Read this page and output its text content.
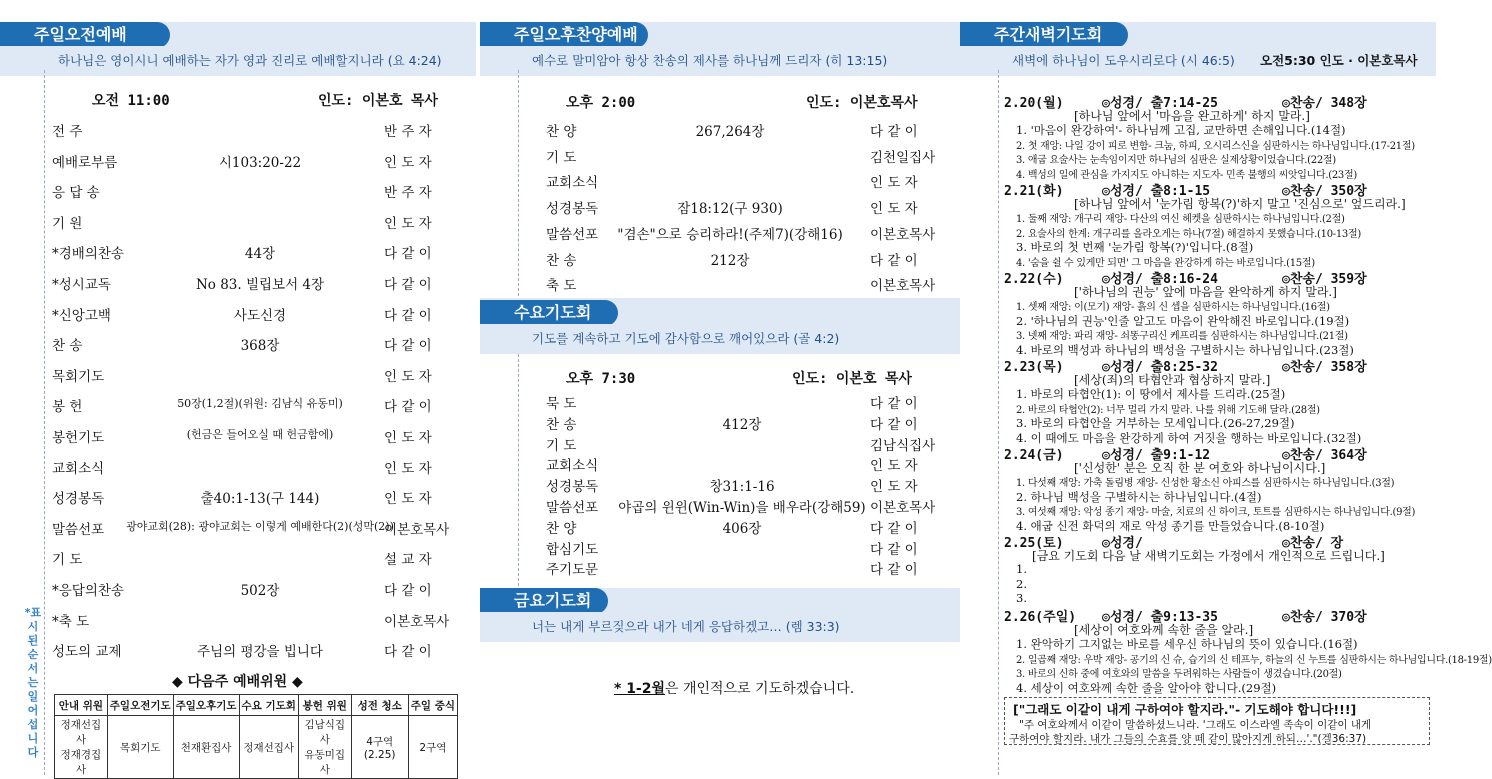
주일오전예배
하나님은 영이시니 예배하는 자가 영과 진리로 예배할지니라 (요 4:24)
오전 11:00	인도: 이본호 목사
전 주	반 주 자
예배로부름	시103:20-22	인 도 자
응 답 송	반 주 자
기 원	인 도 자
*경배의찬송	44장	다 같 이
*성시교독	No 83. 빌립보서 4장	다 같 이
*신앙고백	사도신경	다 같 이
찬 송	368장	다 같 이
목회기도	인 도 자
봉 헌	50장(1,2절)(위원: 김남식 유동미)	다 같 이
봉헌기도	(헌금은 들어오실 때 헌금함에)	인 도 자
교회소식	인 도 자
성경봉독	출40:1-13(구 144)	인 도 자
말씀선포 광야교회(28): 광야교회는 이렇게 예배한다(2)(성막(2))
이본호목사
기 도	설 교 자
*응답의찬송	502장	다 같 이
*축 도	이본호목사
성도의 교제	주님의 평강을 빕니다	다 같 이
*표시된 순서는 일어섭니다
◆ 다음주 예배위원 ◆
안내 위원	주일오전기도	주일오후기도	수요 기도회	봉헌 위원	성전 청소	주일 중식
정재선집사
정재경집사	목회기도	천재환집사	정재선집사	김남식집사
유동미집사	4구역(2.25)	2구역
주일오후찬양예배
예수로 말미암아 항상 찬송의 제사를 하나님께 드리자 (히 13:15)
오후 2:00	인도: 이본호목사
찬 양	267,264장	다 같 이
기 도	김천일집사
교회소식	인 도 자
성경봉독	잠18:12(구 930)	인 도 자
말씀선포 "겸손"으로 승리하라!(주제7)(강해16) 이본호목사
찬 송	212장	다 같 이
축 도	이본호목사
수요기도회
기도를 계속하고 기도에 감사함으로 깨어있으라 (골 4:2)
오후 7:30	인도: 이본호 목사
묵 도	다 같 이
찬 송	412장	다 같 이
기 도	김남식집사
교회소식	인 도 자
성경봉독	창31:1-16	인 도 자
말씀선포 야곱의 윈윈(Win-Win)을 배우라(강해59) 이본호목사
찬 양	406장	다 같 이
합심기도	다 같 이
주기도문	다 같 이
금요기도회
너는 내게 부르짖으라 내가 네게 응답하겠고… (렘 33:3)
* 1-2월은 개인적으로 기도하겠습니다.
주간새벽기도회
새벽에 하나님이 도우시리로다 (시 46:5)	오전5:30 인도 · 이본호목사
2.20(월)	◎성경/ 출7:14-25	◎찬송/ 348장
[하나님 앞에서 '마음을 완고하게' 하지 말라.]
1. '마음이 완강하여'- 하나님께 고집, 교만하면 손해입니다.(14절)
2. 첫 재앙: 나일 강이 피로 변함- 크눔, 하피, 오시리스신을 심판하시는 하나님입니다.(17-21절)
3. 애굽 요술사는 눈속임이지만 하나님의 심판은 실제상황이었습니다.(22절)
4. 백성의 일에 관심을 가지지도 아니하는 지도자- 민족 불행의 씨앗입니다.(23절)
2.21(화)	◎성경/ 출8:1-15	◎찬송/ 350장
[하나님 앞에서 '눈가림 항복(?)'하지 말고 '진심으로' 엎드리라.]
1. 둘째 재앙: 개구리 재앙- 다산의 여신 헤켓을 심판하시는 하나님입니다.(2절)
2. 요술사의 한계: 개구리를 올라오게는 하나(7절) 해결하지 못했습니다.(10-13절)
3. 바로의 첫 번째 '눈가림 항복(?)'입니다.(8절)
4. '숨을 쉴 수 있게만 되면' 그 마음을 완강하게 하는 바로입니다.(15절)
2.22(수)	◎성경/ 출8:16-24	◎찬송/ 359장
['하나님의 권능' 앞에 마음을 완악하게 하지 말라.]
1. 셋째 재앙: 이(모기) 재앙- 흙의 신 셉을 심판하시는 하나님입니다.(16절)
2. '하나님의 권능'인줄 알고도 마음이 완악해진 바로입니다.(19절)
3. 넷째 재앙: 파리 재앙- 쇠똥구리신 케프리를 심판하시는 하나님입니다.(21절)
4. 바로의 백성과 하나님의 백성을 구별하시는 하나님입니다.(23절)
2.23(목)	◎성경/ 출8:25-32	◎찬송/ 358장
[세상(죄)의 타협안과 협상하지 말라.]
1. 바로의 타협안(1): 이 땅에서 제사를 드리라.(25절)
2. 바로의 타협안(2): 너무 멀리 가지 말라. 나를 위해 기도해 달라.(28절)
3. 바로의 타협안을 거부하는 모세입니다.(26-27,29절)
4. 이 때에도 마음을 완강하게 하여 거짓을 행하는 바로입니다.(32절)
2.24(금)	◎성경/ 출9:1-12	◎찬송/ 364장
['신성한' 분은 오직 한 분 여호와 하나님이시다.]
1. 다섯째 재앙: 가축 돌림병 재앙- 신성한 황소신 아피스를 심판하시는 하나님입니다.(3절)
2. 하나님 백성을 구별하시는 하나님입니다.(4절)
3. 여섯째 재앙: 악성 종기 재앙- 마술, 치료의 신 하이크, 토트를 심판하시는 하나님입니다.(9절)
4. 애굽 신전 화덕의 재로 악성 종기를 만들었습니다.(8-10절)
2.25(토)	◎성경/	◎찬송/ 장
[금요 기도회 다음 날 새벽기도회는 가정에서 개인적으로 드립니다.]
1.
2.
3.
2.26(주일) ◎성경/ 출9:13-35	◎찬송/ 370장
[세상이 여호와께 속한 줄을 알라.]
1. 완악하기 그지없는 바로를 세우신 하나님의 뜻이 있습니다.(16절)
2. 일곱째 재앙: 우박 재앙- 공기의 신 슈, 습기의 신 테프누, 하늘의 신 누트를 심판하시는 하나님입니다.(18-19절)
3. 바로의 신하 중에 여호와의 말씀을 두려워하는 사람들이 생겼습니다.(20절)
4. 세상이 여호와께 속한 줄을 알아야 합니다.(29절)
["그래도 이같이 내게 구하여야 할지라."- 기도해야 합니다!!!]
"주 여호와께서 이같이 말씀하셨느니라. '그래도 이스라엘 족속이 이같이 내게
구하여야 할지라. 내가 그들의 수효를 양 떼 같이 많아지게 하되…'."(겔36:37)
